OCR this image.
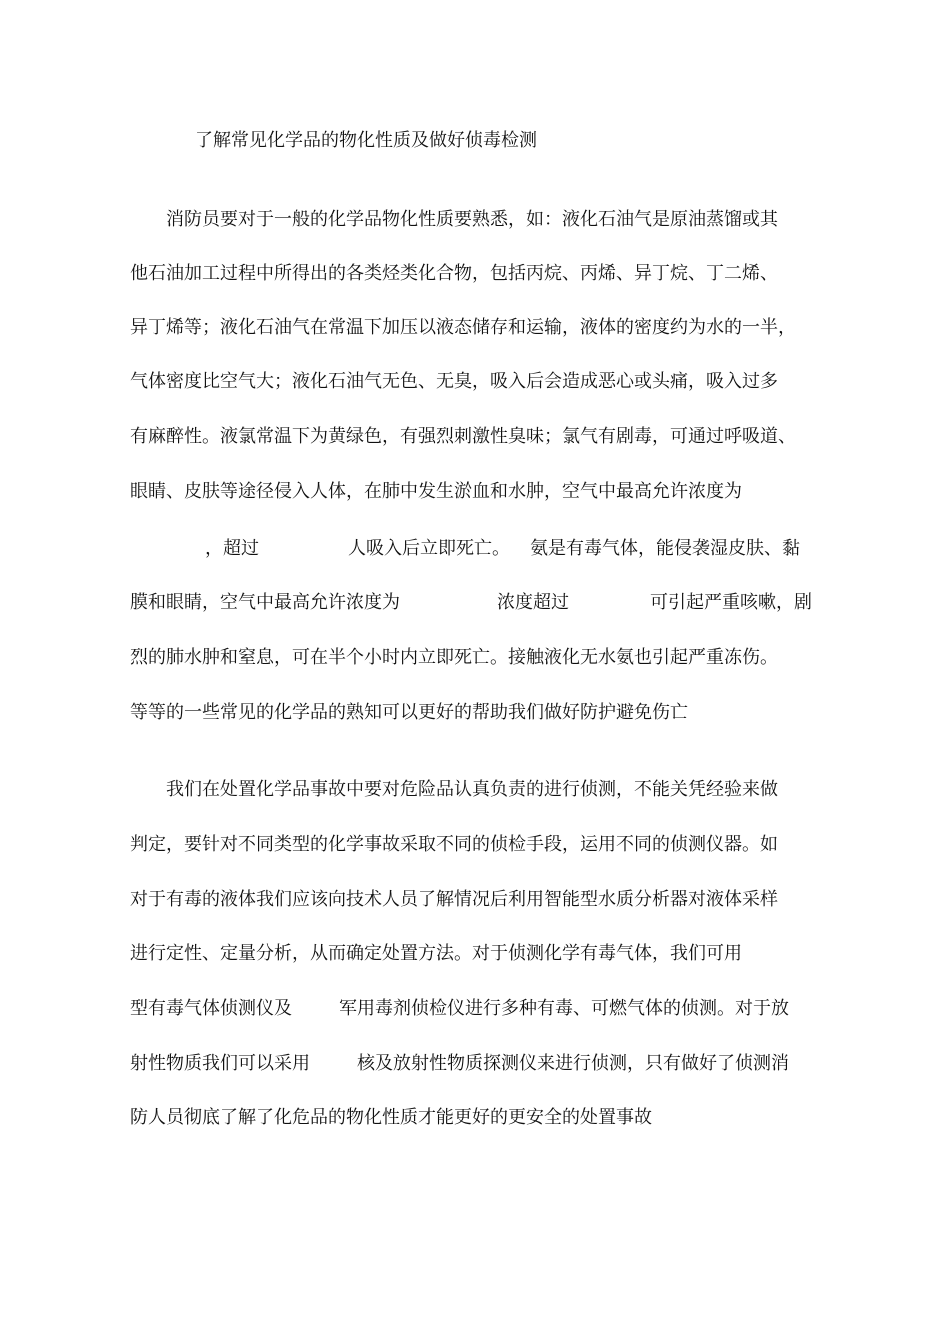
了解常见化学品的物化性质及做好侦毒检测
消防员要对于一般的化学品物化性质要熟悉，如：液化石油气是原油蒸馏或其
他石油加工过程中所得出的各类烃类化合物，包括丙烷、丙烯、异丁烷、丁二烯、
异丁烯等；液化石油气在常温下加压以液态储存和运输，液体的密度约为水的一半，
气体密度比空气大；液化石油气无色、无臭，吸入后会造成恶心或头痛，吸入过多
有麻醉性。液氯常温下为黄绿色，有强烈刺激性臭味；氯气有剧毒，可通过呼吸道、
眼睛、皮肤等途径侵入人体，在肺中发生淤血和水肿，空气中最高允许浓度为
，超过	人吸入后立即死亡。 氨是有毒气体，能侵袭湿皮肤、黏
膜和眼睛，空气中最高允许浓度为	浓度超过	可引起严重咳嗽，剧
烈的肺水肿和窒息，可在半个小时内立即死亡。接触液化无水氨也引起严重冻伤。
等等的一些常见的化学品的熟知可以更好的帮助我们做好防护避免伤亡
我们在处置化学品事故中要对危险品认真负责的进行侦测，不能关凭经验来做
判定，要针对不同类型的化学事故采取不同的侦检手段，运用不同的侦测仪器。如
对于有毒的液体我们应该向技术人员了解情况后利用智能型水质分析器对液体采样
进行定性、定量分析，从而确定处置方法。对于侦测化学有毒气体，我们可用
型有毒气体侦测仪及	军用毒剂侦检仪进行多种有毒、可燃气体的侦测。对于放
射性物质我们可以采用	核及放射性物质探测仪来进行侦测，只有做好了侦测消
防人员彻底了解了化危品的物化性质才能更好的更安全的处置事故
